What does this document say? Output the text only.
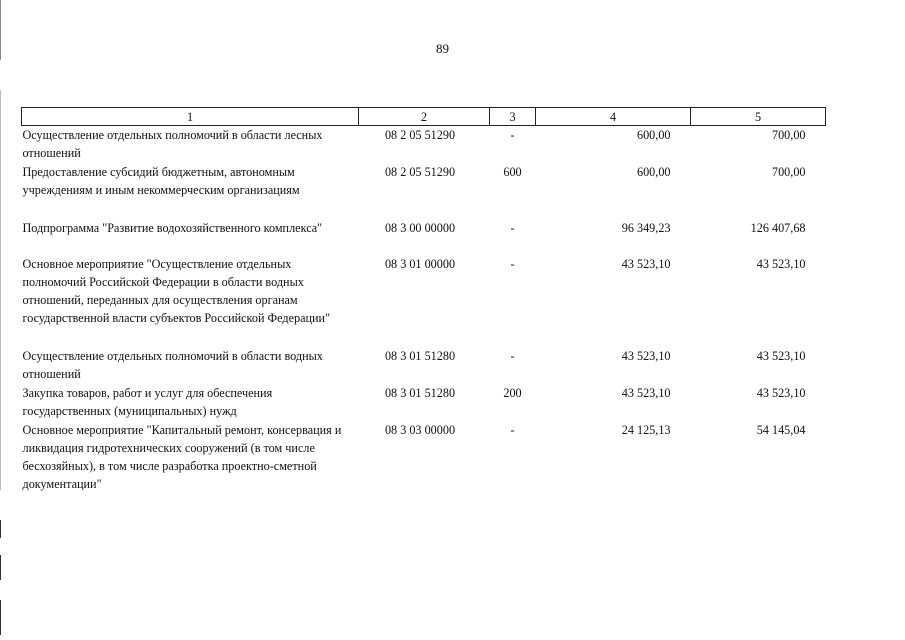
89
1	2	3	4	5
Осуществление отдельных полномочий в области лесных отношений	08 2 05 51290	-	600,00	700,00
Предоставление субсидий бюджетным, автономным учреждениям и иным некоммерческим организациям	08 2 05 51290	600	600,00	700,00
Подпрограмма "Развитие водохозяйственного комплекса"	08 3 00 00000	-	96 349,23	126 407,68
Основное мероприятие "Осуществление отдельных полномочий Российской Федерации в области водных отношений, переданных для осуществления органам государственной власти субъектов Российской Федерации"	08 3 01 00000	-	43 523,10	43 523,10
Осуществление отдельных полномочий в области водных отношений	08 3 01 51280	-	43 523,10	43 523,10
Закупка товаров, работ и услуг для обеспечения государственных (муниципальных) нужд	08 3 01 51280	200	43 523,10	43 523,10
Основное мероприятие "Капитальный ремонт, консервация и ликвидация гидротехнических сооружений (в том числе бесхозяйных), в том числе разработка проектно-сметной документации"	08 3 03 00000	-	24 125,13	54 145,04
